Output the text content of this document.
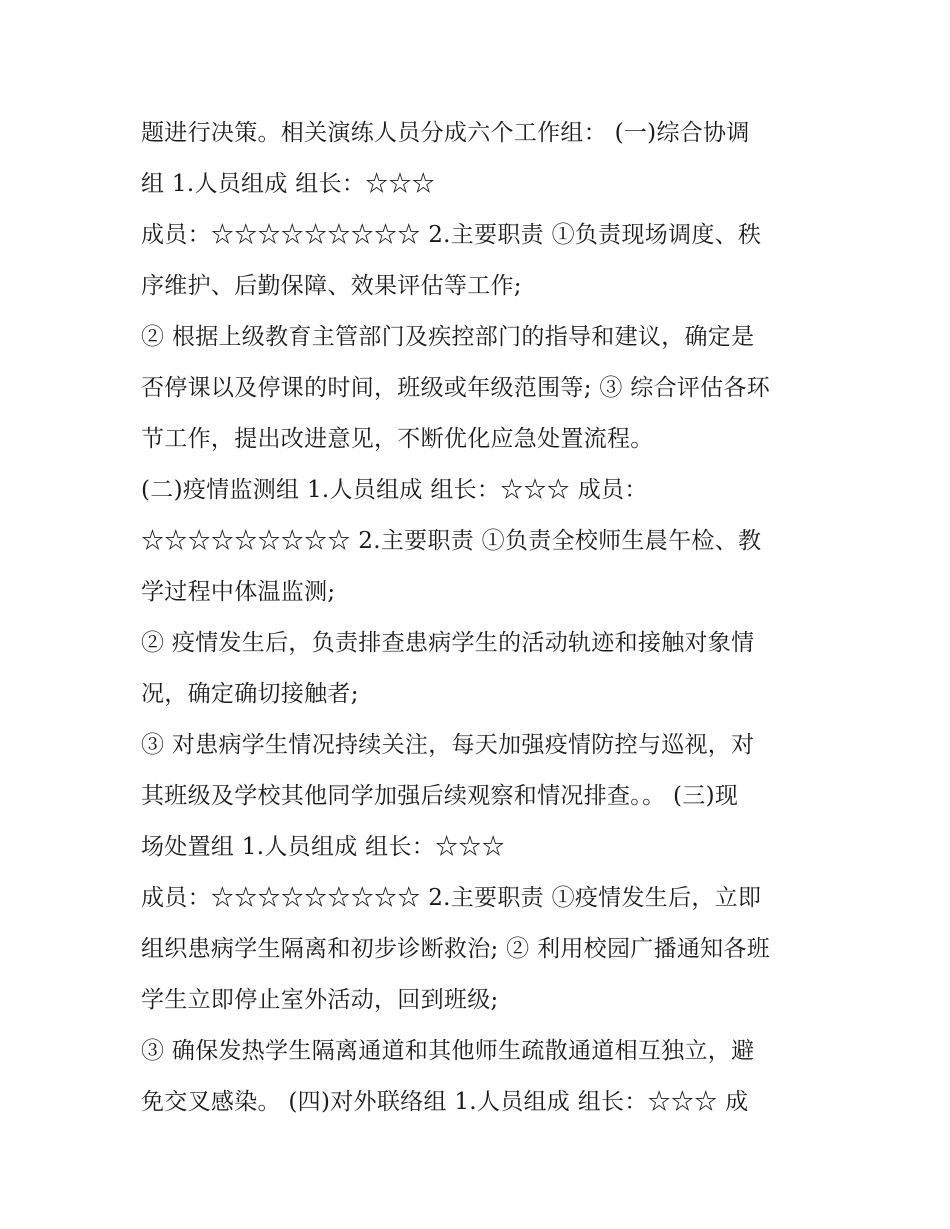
题进行决策。相关演练人员分成六个工作组： (一)综合协调
组 1.人员组成 组长：☆☆☆
成员：☆☆☆☆☆☆☆☆☆ 2.主要职责 ①负责现场调度、秩
序维护、后勤保障、效果评估等工作;
② 根据上级教育主管部门及疾控部门的指导和建议，确定是
否停课以及停课的时间，班级或年级范围等; ③ 综合评估各环
节工作，提出改进意见，不断优化应急处置流程。
(二)疫情监测组 1.人员组成 组长：☆☆☆ 成员：
☆☆☆☆☆☆☆☆☆ 2.主要职责 ①负责全校师生晨午检、教
学过程中体温监测;
② 疫情发生后，负责排查患病学生的活动轨迹和接触对象情
况，确定确切接触者;
③ 对患病学生情况持续关注，每天加强疫情防控与巡视，对
其班级及学校其他同学加强后续观察和情况排查。。 (三)现
场处置组 1.人员组成 组长：☆☆☆
成员：☆☆☆☆☆☆☆☆☆ 2.主要职责 ①疫情发生后，立即
组织患病学生隔离和初步诊断救治; ② 利用校园广播通知各班
学生立即停止室外活动，回到班级;
③ 确保发热学生隔离通道和其他师生疏散通道相互独立，避
免交叉感染。 (四)对外联络组 1.人员组成 组长：☆☆☆ 成
